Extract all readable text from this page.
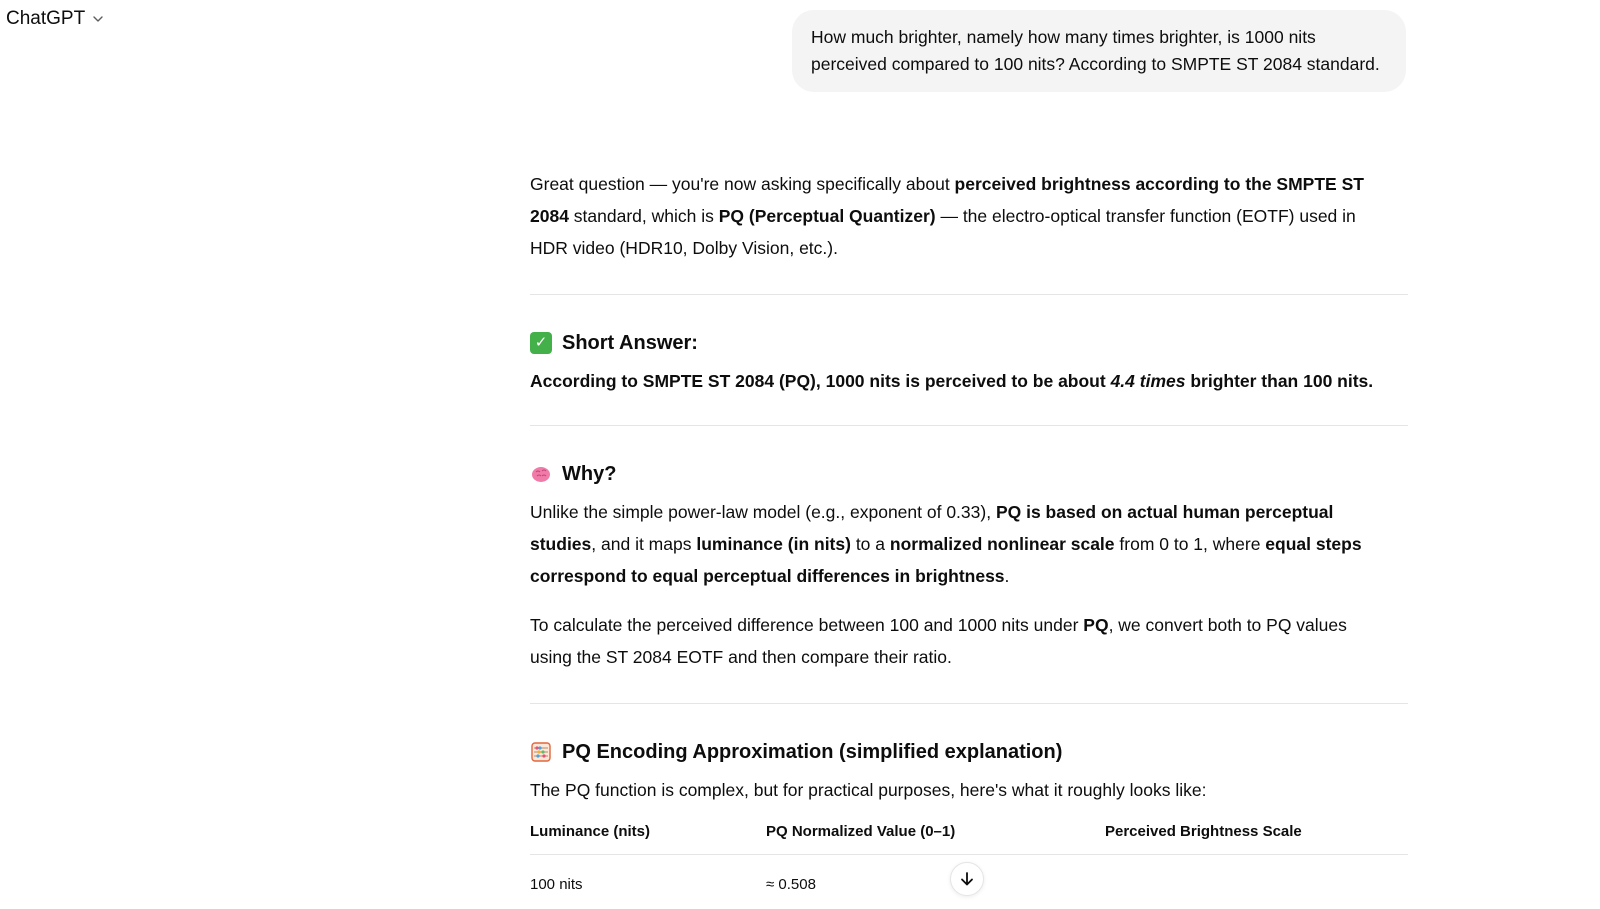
ChatGPT
How much brighter, namely how many times brighter, is 1000 nits perceived compared to 100 nits? According to SMPTE ST 2084 standard.

Great question — you're now asking specifically about perceived brightness according to the SMPTE ST 2084 standard, which is PQ (Perceptual Quantizer) — the electro-optical transfer function (EOTF) used in HDR video (HDR10, Dolby Vision, etc.).

✓ Short Answer:

According to SMPTE ST 2084 (PQ), 1000 nits is perceived to be about 4.4 times brighter than 100 nits.

Why?

Unlike the simple power-law model (e.g., exponent of 0.33), PQ is based on actual human perceptual studies, and it maps luminance (in nits) to a normalized nonlinear scale from 0 to 1, where equal steps correspond to equal perceptual differences in brightness.

To calculate the perceived difference between 100 and 1000 nits under PQ, we convert both to PQ values using the ST 2084 EOTF and then compare their ratio.

PQ Encoding Approximation (simplified explanation)

The PQ function is complex, but for practical purposes, here's what it roughly looks like:

Luminance (nits)	PQ Normalized Value (0–1)	Perceived Brightness Scale
100 nits	≈ 0.508	
